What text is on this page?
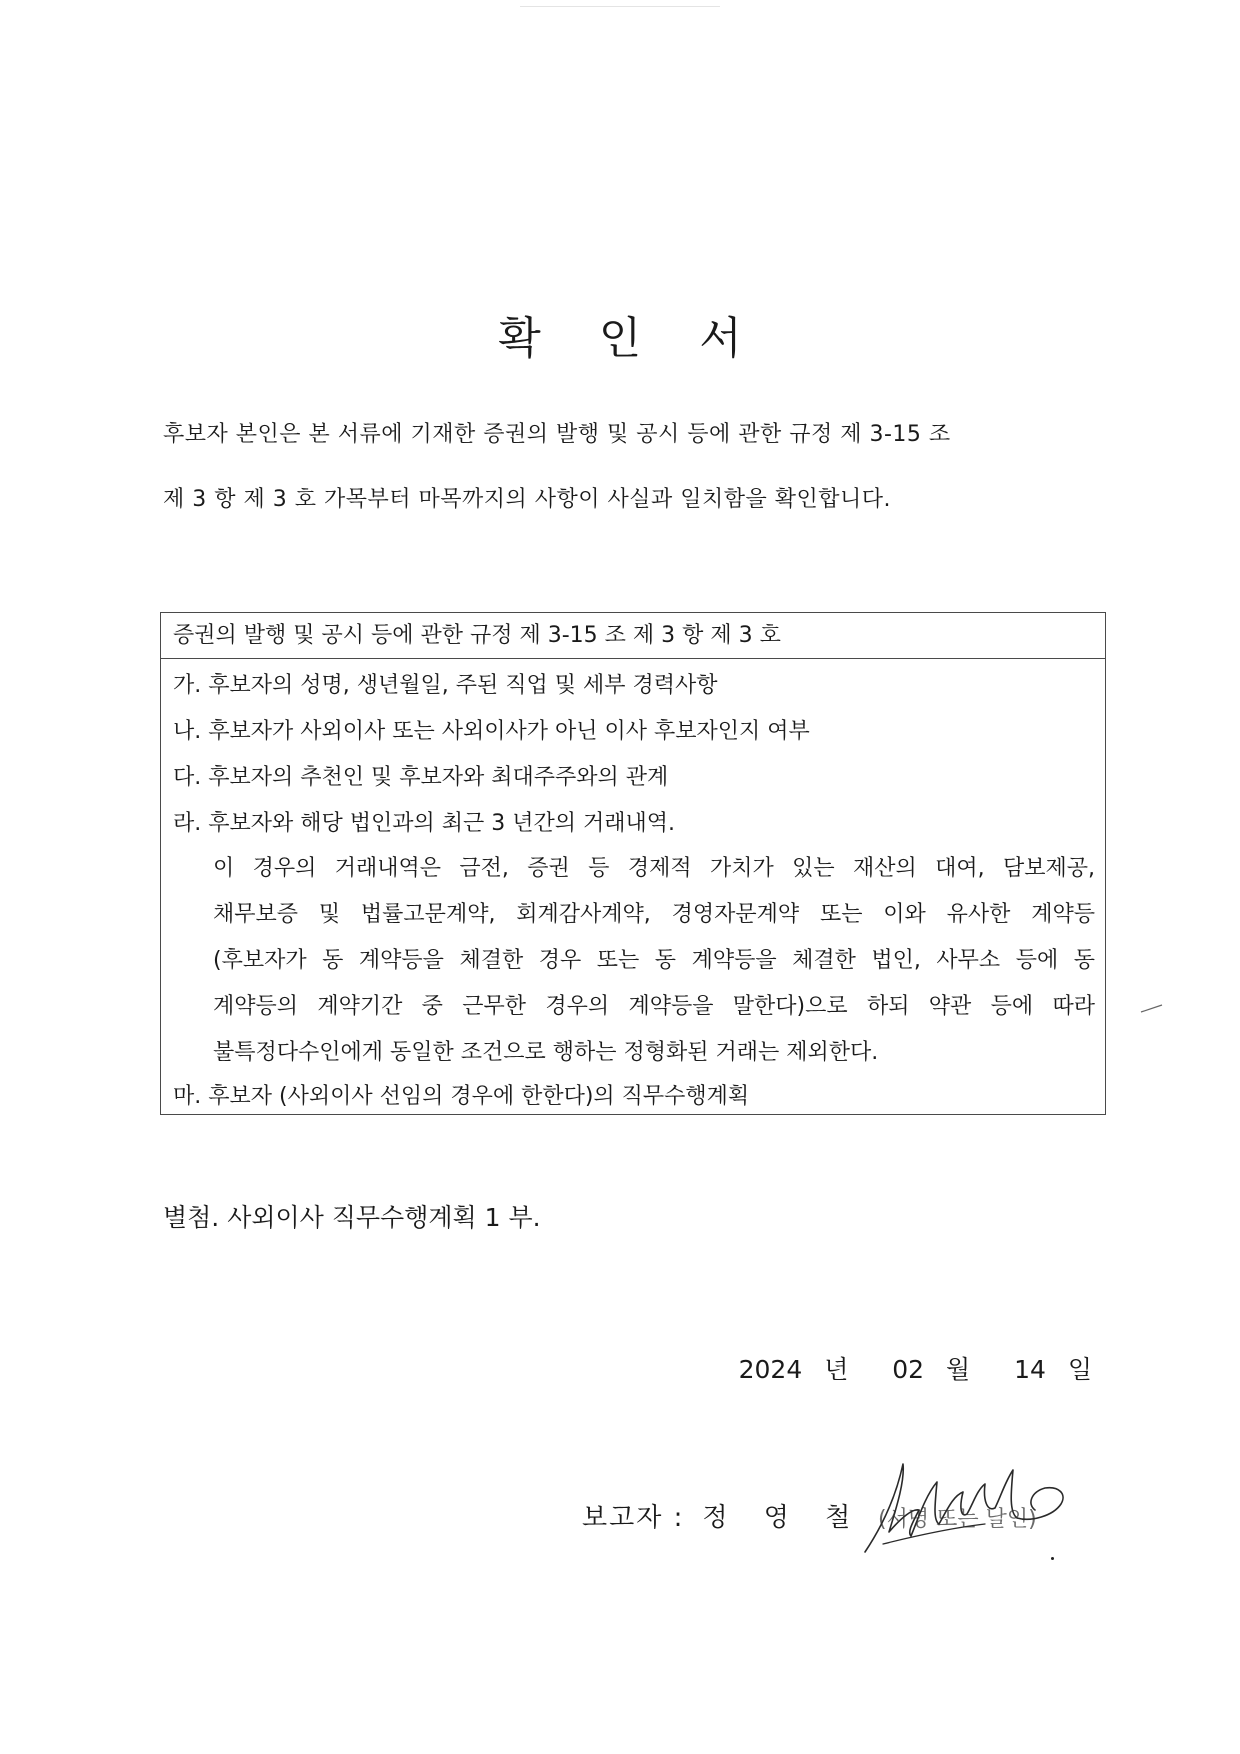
확 인 서
후보자 본인은 본 서류에 기재한 증권의 발행 및 공시 등에 관한 규정 제 3-15 조
제 3 항 제 3 호 가목부터 마목까지의 사항이 사실과 일치함을 확인합니다.
증권의 발행 및 공시 등에 관한 규정 제 3-15 조 제 3 항 제 3 호
가. 후보자의 성명, 생년월일, 주된 직업 및 세부 경력사항
나. 후보자가 사외이사 또는 사외이사가 아닌 이사 후보자인지 여부
다. 후보자의 추천인 및 후보자와 최대주주와의 관계
라. 후보자와 해당 법인과의 최근 3 년간의 거래내역.
이 경우의 거래내역은 금전, 증권 등 경제적 가치가 있는 재산의 대여, 담보제공,
채무보증 및 법률고문계약, 회계감사계약, 경영자문계약 또는 이와 유사한 계약등
(후보자가 동 계약등을 체결한 경우 또는 동 계약등을 체결한 법인, 사무소 등에 동
계약등의 계약기간 중 근무한 경우의 계약등을 말한다)으로 하되 약관 등에 따라
불특정다수인에게 동일한 조건으로 행하는 정형화된 거래는 제외한다.
마. 후보자 (사외이사 선임의 경우에 한한다)의 직무수행계획
별첨. 사외이사 직무수행계획 1 부.
2024 년 02 월 14 일
보고자 : 정 영 철 (서명 또는 날인)
